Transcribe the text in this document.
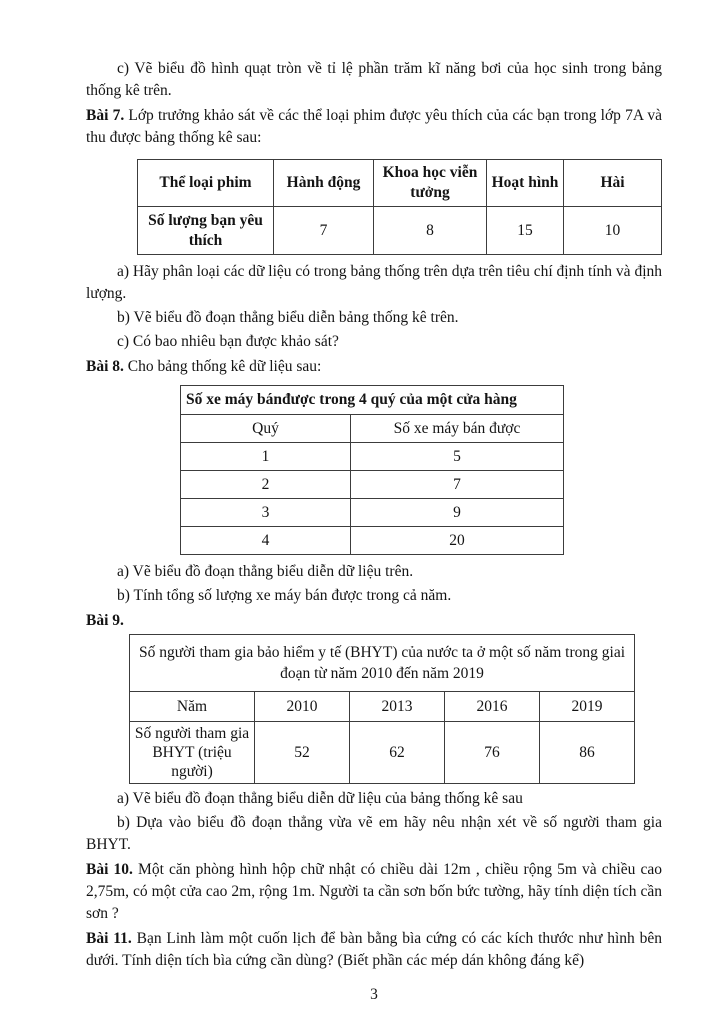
c) Vẽ biểu đồ hình quạt tròn về tỉ lệ phần trăm kĩ năng bơi của học sinh trong bảng thống kê trên.

Bài 7. Lớp trưởng khảo sát về các thể loại phim được yêu thích của các bạn trong lớp 7A và thu được bảng thống kê sau:

Thể loại phim	Hành động	Khoa học viễn tưởng	Hoạt hình	Hài
Số lượng bạn yêu thích	7	8	15	10

a) Hãy phân loại các dữ liệu có trong bảng thống trên dựa trên tiêu chí định tính và định lượng.

b) Vẽ biểu đồ đoạn thẳng biểu diễn bảng thống kê trên.

c) Có bao nhiêu bạn được khảo sát?

Bài 8. Cho bảng thống kê dữ liệu sau:

Số xe máy bánđược trong 4 quý của một cửa hàng	
Quý	Số xe máy bán được
1	5
2	7
3	9
4	20

a) Vẽ biểu đồ đoạn thẳng biểu diễn dữ liệu trên.

b) Tính tổng số lượng xe máy bán được trong cả năm.

Bài 9.

Số người tham gia bảo hiểm y tế (BHYT) của nước ta ở một số năm trong giai đoạn từ năm 2010 đến năm 2019				
Năm	2010	2013	2016	2019
Số người tham gia BHYT (triệu người)	52	62	76	86

a) Vẽ biểu đồ đoạn thẳng biểu diễn dữ liệu của bảng thống kê sau

b) Dựa vào biểu đồ đoạn thẳng vừa vẽ em hãy nêu nhận xét về số người tham gia BHYT.

Bài 10. Một căn phòng hình hộp chữ nhật có chiều dài 12m , chiều rộng 5m và chiều cao 2,75m, có một cửa cao 2m, rộng 1m. Người ta cần sơn bốn bức tường, hãy tính diện tích cần sơn ?

Bài 11. Bạn Linh làm một cuốn lịch để bàn bằng bìa cứng có các kích thước như hình bên dưới. Tính diện tích bìa cứng cần dùng? (Biết phần các mép dán không đáng kể)

3
